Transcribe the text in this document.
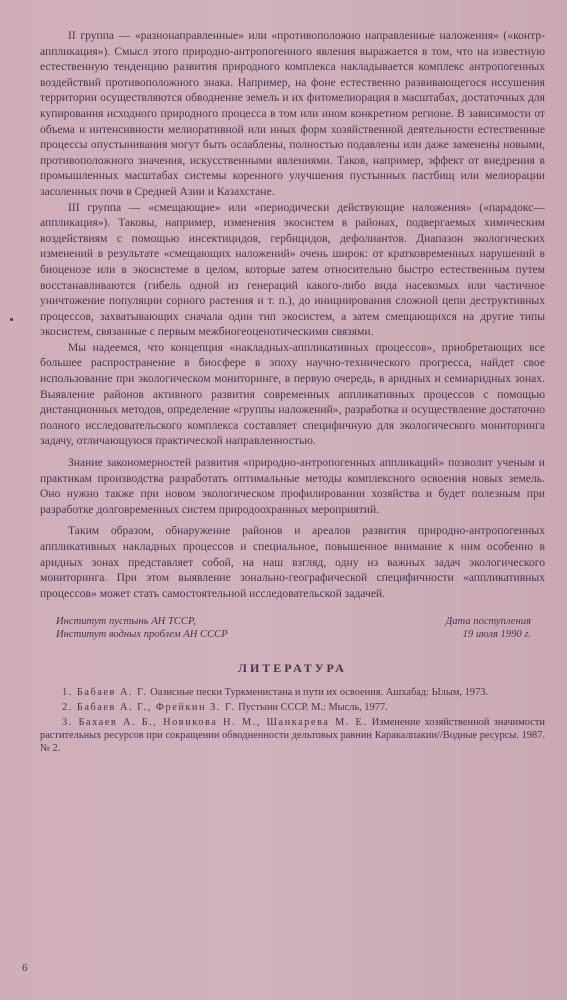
II группа — «разнонаправленные» или «противоположно направленные наложения» («контр-аппликация»). Смысл этого природно-антропогенного явления выражается в том, что на известную естественную тенденцию развития природного комплекса накладывается комплекс антропогенных воздействий противоположного знака. Например, на фоне естественно развивающегося иссушения территории осуществляются обводнение земель и их фитомелиорация в масштабах, достаточных для купирования исходного природного процесса в том или ином конкретном регионе. В зависимости от объема и интенсивности мелиоративной или иных форм хозяйственной деятельности естественные процессы опустынивания могут быть ослаблены, полностью подавлены или даже заменены новыми, противоположного значения, искусственными явлениями. Таков, например, эффект от внедрения в промышленных масштабах системы коренного улучшения пустынных пастбищ или мелиорации засоленных почв в Средней Азии и Казахстане.

III группа — «смещающие» или «периодически действующие наложения» («парадокс—аппликация»). Таковы, например, изменения экосистем в районах, подвергаемых химическим воздействиям с помощью инсектицидов, гербицидов, дефолиантов. Диапазон экологических изменений в результате «смещающих наложений» очень широк: от кратковременных нарушений в биоценозе или в экосистеме в целом, которые затем относительно быстро естественным путем восстанавливаются (гибель одной из генераций какого-либо вида насекомых или частичное уничтожение популяции сорного растения и т. п.), до инициирования сложной цепи деструктивных процессов, захватывающих сначала один тип экосистем, а затем смещающихся на другие типы экосистем, связанные с первым межбиогеоценотическими связями.

Мы надеемся, что концепция «накладных-аппликативных процессов», приобретающих все большее распространение в биосфере в эпоху научно-технического прогресса, найдет свое использование при экологическом мониторинге, в первую очередь, в аридных и семиаридных зонах. Выявление районов активного развития современных аппликативных процессов с помощью дистанционных методов, определение «группы наложений», разработка и осуществление достаточно полного исследовательского комплекса составляет специфичную для экологического мониторинга задачу, отличающуюся практической направленностью.

Знание закономерностей развития «природно-антропогенных аппликаций» позволит ученым и практикам производства разработать оптимальные методы комплексного освоения новых земель. Оно нужно также при новом экологическом профилировании хозяйства и будет полезным при разработке долговременных систем природоохранных мероприятий.

Таким образом, обнаружение районов и ареалов развития природно-антропогенных аппликативных накладных процессов и специальное, повышенное внимание к ним особенно в аридных зонах представляет собой, на наш взгляд, одну из важных задач экологического мониторинга. При этом выявление зонально-географической специфичности «аппликативных процессов» может стать самостоятельной исследовательской задачей.

Институт пустынь АН ТССР,
Институт водных проблем АН СССР
Дата поступления
19 июля 1990 г.
ЛИТЕРАТУРА

1. Бабаев А. Г. Оазисные пески Туркменистана и пути их освоения. Ашхабад: Ылым, 1973.

2. Бабаев А. Г., Фрейкин З. Г. Пустыни СССР. М.: Мысль, 1977.

3. Бахаев А. Б., Новикова Н. М., Шанкарева М. Е. Изменение хозяйственной значимости растительных ресурсов при сокращении обводненности дельтовых равнин Каракалпакии//Водные ресурсы. 1987. № 2.

6
